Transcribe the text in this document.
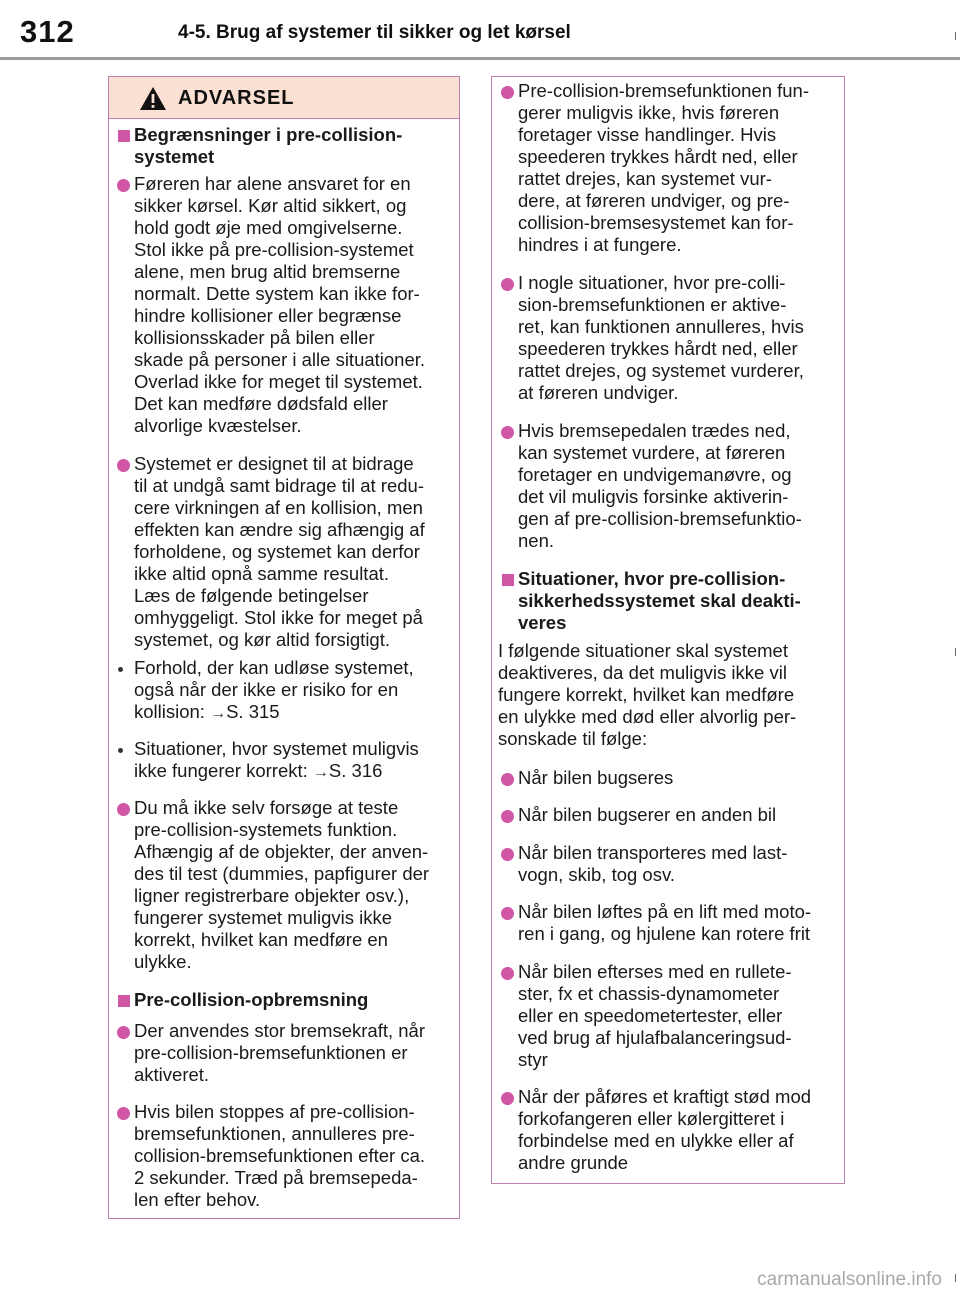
312	4-5. Brug af systemer til sikker og let kørsel
ADVARSEL
Begrænsninger i pre-collision-
systemet
Føreren har alene ansvaret for en
sikker kørsel. Kør altid sikkert, og
hold godt øje med omgivelserne.
Stol ikke på pre-collision-systemet
alene, men brug altid bremserne
normalt. Dette system kan ikke for-
hindre kollisioner eller begrænse
kollisionsskader på bilen eller
skade på personer i alle situationer.
Overlad ikke for meget til systemet.
Det kan medføre dødsfald eller
alvorlige kvæstelser.
Systemet er designet til at bidrage
til at undgå samt bidrage til at redu-
cere virkningen af en kollision, men
effekten kan ændre sig afhængig af
forholdene, og systemet kan derfor
ikke altid opnå samme resultat.
Læs de følgende betingelser
omhyggeligt. Stol ikke for meget på
systemet, og kør altid forsigtigt.
Forhold, der kan udløse systemet,
også når der ikke er risiko for en
kollision: →S. 315
Situationer, hvor systemet muligvis
ikke fungerer korrekt: →S. 316
Du må ikke selv forsøge at teste
pre-collision-systemets funktion.
Afhængig af de objekter, der anven-
des til test (dummies, papfigurer der
ligner registrerbare objekter osv.),
fungerer systemet muligvis ikke
korrekt, hvilket kan medføre en
ulykke.
Pre-collision-opbremsning
Der anvendes stor bremsekraft, når
pre-collision-bremsefunktionen er
aktiveret.
Hvis bilen stoppes af pre-collision-
bremsefunktionen, annulleres pre-
collision-bremsefunktionen efter ca.
2 sekunder. Træd på bremsepeda-
len efter behov.
Pre-collision-bremsefunktionen fun-
gerer muligvis ikke, hvis føreren
foretager visse handlinger. Hvis
speederen trykkes hårdt ned, eller
rattet drejes, kan systemet vur-
dere, at føreren undviger, og pre-
collision-bremsesystemet kan for-
hindres i at fungere.
I nogle situationer, hvor pre-colli-
sion-bremsefunktionen er aktive-
ret, kan funktionen annulleres, hvis
speederen trykkes hårdt ned, eller
rattet drejes, og systemet vurderer,
at føreren undviger.
Hvis bremsepedalen trædes ned,
kan systemet vurdere, at føreren
foretager en undvigemanøvre, og
det vil muligvis forsinke aktiverin-
gen af pre-collision-bremsefunktio-
nen.
Situationer, hvor pre-collision-
sikkerhedssystemet skal deakti-
veres
I følgende situationer skal systemet
deaktiveres, da det muligvis ikke vil
fungere korrekt, hvilket kan medføre
en ulykke med død eller alvorlig per-
sonskade til følge:
Når bilen bugseres
Når bilen bugserer en anden bil
Når bilen transporteres med last-
vogn, skib, tog osv.
Når bilen løftes på en lift med moto-
ren i gang, og hjulene kan rotere frit
Når bilen efterses med en rullete-
ster, fx et chassis-dynamometer
eller en speedometertester, eller
ved brug af hjulafbalanceringsud-
styr
Når der påføres et kraftigt stød mod
forkofangeren eller kølergitteret i
forbindelse med en ulykke eller af
andre grunde
carmanualsonline.info
